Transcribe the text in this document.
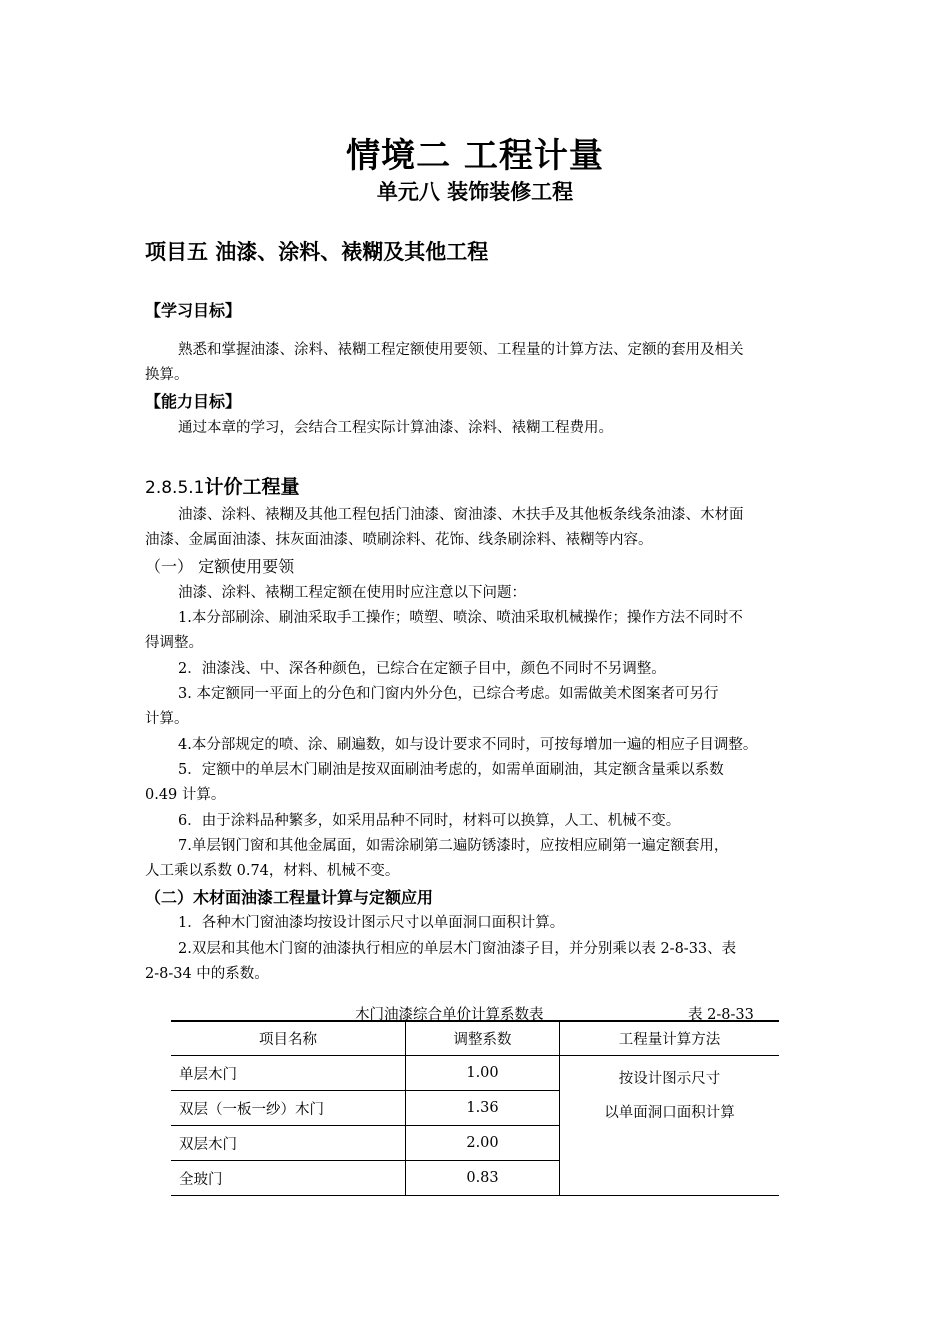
情境二 工程计量
单元八 装饰装修工程
项目五 油漆、涂料、裱糊及其他工程
【学习目标】
熟悉和掌握油漆、涂料、裱糊工程定额使用要领、工程量的计算方法、定额的套用及相关
换算。
【能力目标】
通过本章的学习，会结合工程实际计算油漆、涂料、裱糊工程费用。
2.8.5.1计价工程量
油漆、涂料、裱糊及其他工程包括门油漆、窗油漆、木扶手及其他板条线条油漆、木材面
油漆、金属面油漆、抹灰面油漆、喷刷涂料、花饰、线条刷涂料、裱糊等内容。
（一） 定额使用要领
油漆、涂料、裱糊工程定额在使用时应注意以下问题：
1.本分部刷涂、刷油采取手工操作；喷塑、喷涂、喷油采取机械操作；操作方法不同时不
得调整。
2．油漆浅、中、深各种颜色，已综合在定额子目中，颜色不同时不另调整。
3. 本定额同一平面上的分色和门窗内外分色，已综合考虑。如需做美术图案者可另行
计算。
4.本分部规定的喷、涂、刷遍数，如与设计要求不同时，可按每增加一遍的相应子目调整。
5．定额中的单层木门刷油是按双面刷油考虑的，如需单面刷油，其定额含量乘以系数
0.49 计算。
6．由于涂料品种繁多，如采用品种不同时，材料可以换算，人工、机械不变。
7.单层钢门窗和其他金属面，如需涂刷第二遍防锈漆时，应按相应刷第一遍定额套用，
人工乘以系数 0.74，材料、机械不变。
（二）木材面油漆工程量计算与定额应用
1．各种木门窗油漆均按设计图示尺寸以单面洞口面积计算。
2.双层和其他木门窗的油漆执行相应的单层木门窗油漆子目，并分别乘以表 2-8-33、表
2-8-34 中的系数。
木门油漆综合单价计算系数表	表 2-8-33
项目名称	调整系数	工程量计算方法
单层木门	1.00	按设计图示尺寸
以单面洞口面积计算

双层（一板一纱）木门	1.36	
双层木门	2.00	
全玻门	0.83	
